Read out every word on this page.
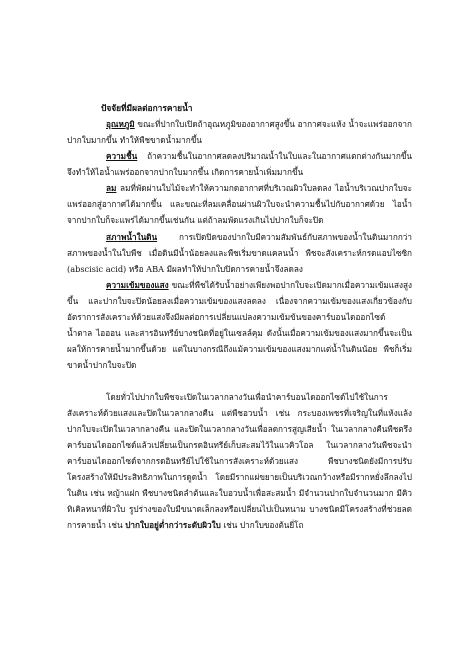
ปัจจัยที่มีผลต่อการคายน้ำ
อุณหภูมิ ขณะที่ปากใบเปิดถ้าอุณหภูมิของอากาศสูงขึ้น อากาศจะแห้ง น้ำจะแพร่ออกจากปากใบมากขึ้น ทำให้พืชขาดน้ำมากขึ้น
ความชื้น ถ้าความชื้นในอากาศลดลงปริมาณน้ำในใบและในอากาศแตกต่างกันมากขึ้น จึงทำให้ไอน้ำแพร่ออกจากปากใบมากขึ้น เกิดการคายน้ำเพิ่มมากขึ้น
ลม ลมที่พัดผ่านใบไม้จะทำให้ความกดอากาศที่บริเวณผิวใบลดลง ไอน้ำบริเวณปากใบจะแพร่ออกสู่อากาศได้มากขึ้น และขณะที่ลมเคลื่อนผ่านผิวใบจะนำความชื้นไปกับอากาศด้วย ไอน้ำจากปากใบก็จะแพร่ได้มากขึ้นเช่นกัน แต่ถ้าลมพัดแรงเกินไปปากใบก็จะปิด
สภาพน้ำในดิน การเปิดปิดของปากใบมีความสัมพันธ์กับสภาพของน้ำในดินมากกว่าสภาพของน้ำในใบพืช เมื่อดินมีน้ำน้อยลงและพืชเริ่มขาดแคลนน้ำ พืชจะสังเคราะห์กรดแอบไซซิก (abscisic acid) หรือ ABA มีผลทำให้ปากใบปิดการคายน้ำจึงลดลง
ความเข้มของแสง ขณะที่พืชได้รับน้ำอย่างเพียงพอปากใบจะเปิดมากเมื่อความเข้มแสงสูงขึ้น และปากใบจะปิดน้อยลงเมื่อความเข้มของแสงลดลง เนื่องจากความเข้มของแสงเกี่ยวข้องกับอัตราการสังเคราะห์ด้วยแสงจึงมีผลต่อการเปลี่ยนแปลงความเข้มข้นของคาร์บอนไดออกไซด์ น้ำตาล ไอออน และสารอินทรีย์บางชนิดที่อยู่ในเซลล์คุม ดังนั้นเมื่อความเข้มของแสงมากขึ้นจะเป็นผลให้การคายน้ำมากขึ้นด้วย แต่ในบางกรณีถึงแม้ความเข้มของแสงมากแต่น้ำในดินน้อย พืชก็เริ่มขาดน้ำปากใบจะปิด
โดยทั่วไปปากใบพืชจะเปิดในเวลากลางวันเพื่อนำคาร์บอนไดออกไซด์ไปใช้ในการสังเคราะห์ด้วยแสงและปิดในเวลากลางคืน แต่พืชอวบน้ำ เช่น กระบองเพชรที่เจริญในที่แห้งแล้ง ปากใบจะเปิดในเวลากลางคืน และปิดในเวลากลางวันเพื่อลดการสูญเสียน้ำ ในเวลากลางคืนพืชตรึงคาร์บอนไดออกไซด์แล้วเปลี่ยนเป็นกรดอินทรีย์เก็บสะสมไว้ในแวคิวโอล ในเวลากลางวันพืชจะนำคาร์บอนไดออกไซด์จากกรดอินทรีย์ไปใช้ในการสังเคราะห์ด้วยแสง พืชบางชนิดยังมีการปรับโครงสร้างให้มีประสิทธิภาพในการดูดน้ำ โดยมีรากแผ่ขยายเป็นบริเวณกว้างหรือมีรากหยั่งลึกลงไปในดิน เช่น หญ้าแฝก พืชบางชนิดลำต้นและใบอวบน้ำเพื่อสะสมน้ำ มีจำนวนปากใบจำนวนมาก มีคิวทิเคิลหนาที่ผิวใบ รูปร่างของใบมีขนาดเล็กลงหรือเปลี่ยนไปเป็นหนาม บางชนิดมีโครงสร้างที่ช่วยลดการคายน้ำ เช่น ปากใบอยู่ต่ำกว่าระดับผิวใบ เช่น ปากใบของต้นยี่โถ
